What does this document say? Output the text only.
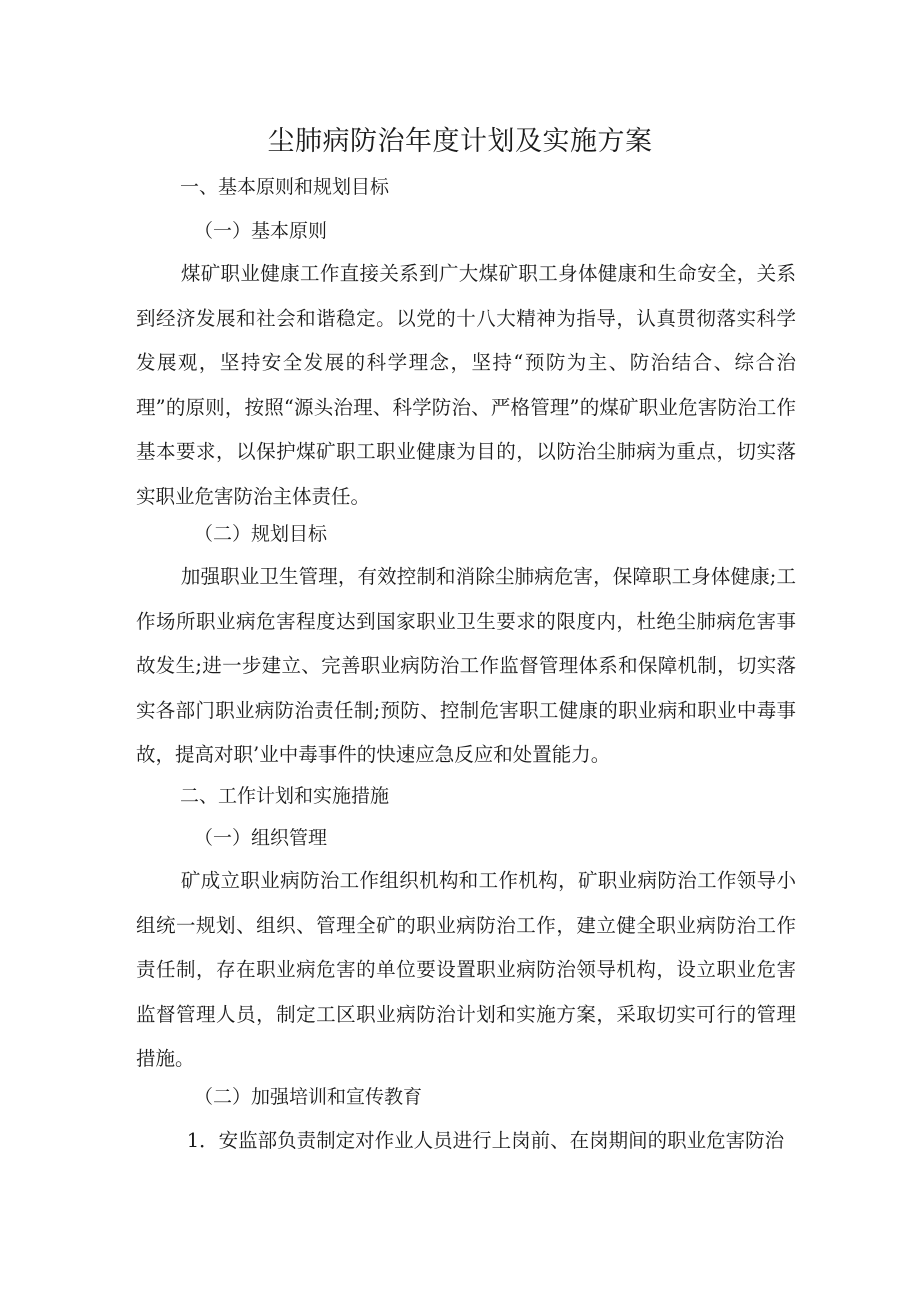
尘肺病防治年度计划及实施方案
一、基本原则和规划目标
（一）基本原则

煤矿职业健康工作直接关系到广大煤矿职工身体健康和生命安全，关系到经济发展和社会和谐稳定。以党的十八大精神为指导，认真贯彻落实科学发展观，坚持安全发展的科学理念，坚持“预防为主、防治结合、综合治理”的原则，按照“源头治理、科学防治、严格管理”的煤矿职业危害防治工作基本要求，以保护煤矿职工职业健康为目的，以防治尘肺病为重点，切实落实职业危害防治主体责任。

（二）规划目标

加强职业卫生管理，有效控制和消除尘肺病危害，保障职工身体健康;工作场所职业病危害程度达到国家职业卫生要求的限度内，杜绝尘肺病危害事故发生;进一步建立、完善职业病防治工作监督管理体系和保障机制，切实落实各部门职业病防治责任制;预防、控制危害职工健康的职业病和职业中毒事故，提高对职’业中毒事件的快速应急反应和处置能力。

二、工作计划和实施措施
（一）组织管理

矿成立职业病防治工作组织机构和工作机构，矿职业病防治工作领导小组统一规划、组织、管理全矿的职业病防治工作，建立健全职业病防治工作责任制，存在职业病危害的单位要设置职业病防治领导机构，设立职业危害监督管理人员，制定工区职业病防治计划和实施方案，采取切实可行的管理措施。

（二）加强培训和宣传教育

1．安监部负责制定对作业人员进行上岗前、在岗期间的职业危害防治
